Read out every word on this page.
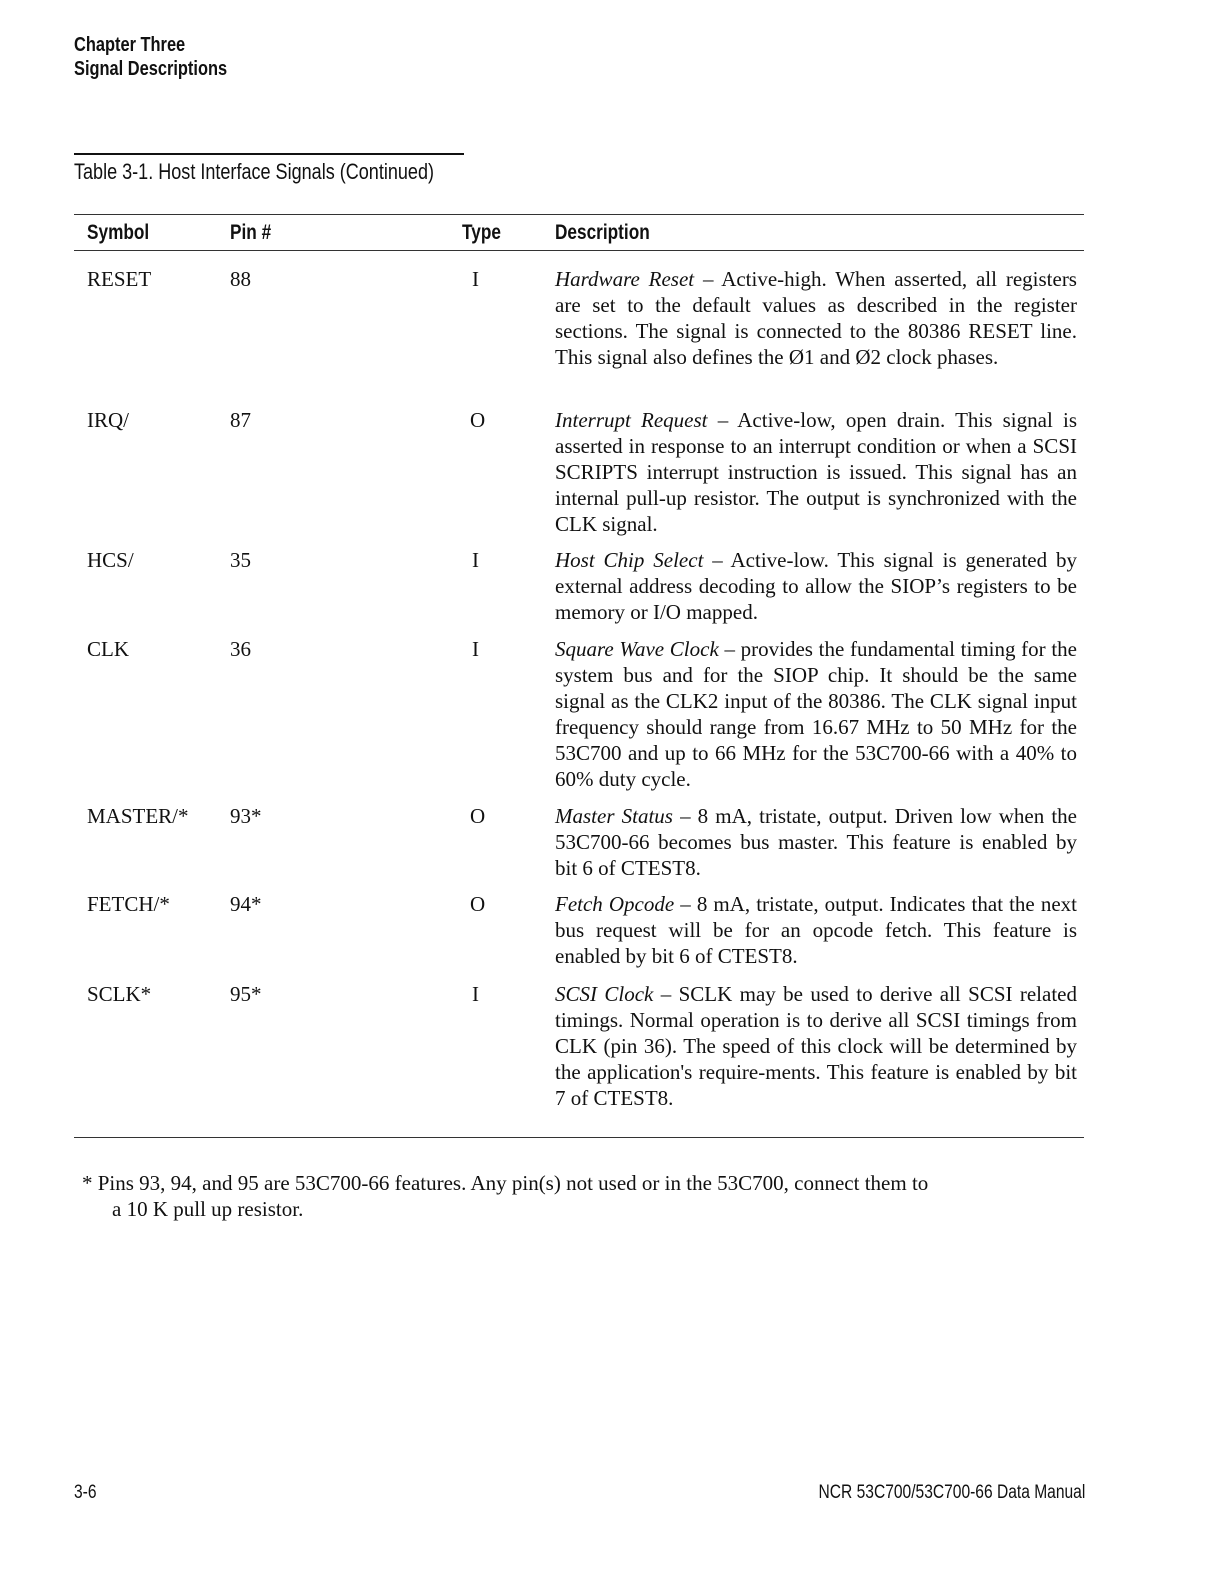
Chapter Three
Signal Descriptions
Table 3-1. Host Interface Signals (Continued)
Symbol	Pin #	Type	Description
RESET	88	I	Hardware Reset – Active-high. When asserted, all registers are set to the default values as described in the register sections. The signal is connected to the 80386 RESET line. This signal also defines the Ø1 and Ø2 clock phases.
IRQ/	87	O	Interrupt Request – Active-low, open drain. This signal is asserted in response to an interrupt condition or when a SCSI SCRIPTS interrupt instruction is issued. This signal has an internal pull-up resistor. The output is synchronized with the CLK signal.
HCS/	35	I	Host Chip Select – Active-low. This signal is generated by external address decoding to allow the SIOP’s registers to be memory or I/O mapped.
CLK	36	I	Square Wave Clock – provides the fundamental timing for the system bus and for the SIOP chip. It should be the same signal as the CLK2 input of the 80386. The CLK signal input frequency should range from 16.67 MHz to 50 MHz for the 53C700 and up to 66 MHz for the 53C700-66 with a 40% to 60% duty cycle.
MASTER/* 93*	O	Master Status – 8 mA, tristate, output. Driven low when the 53C700-66 becomes bus master. This feature is enabled by bit 6 of CTEST8.
FETCH/*	94*	O	Fetch Opcode – 8 mA, tristate, output. Indicates that the next bus request will be for an opcode fetch. This feature is enabled by bit 6 of CTEST8.
SCLK*	95*	I	SCSI Clock – SCLK may be used to derive all SCSI related timings. Normal operation is to derive all SCSI timings from CLK (pin 36). The speed of this clock will be determined by the application's require-ments. This feature is enabled by bit 7 of CTEST8.
* Pins 93, 94, and 95 are 53C700-66 features. Any pin(s) not used or in the 53C700, connect them to
a 10 K pull up resistor.
3-6	NCR 53C700/53C700-66 Data Manual
